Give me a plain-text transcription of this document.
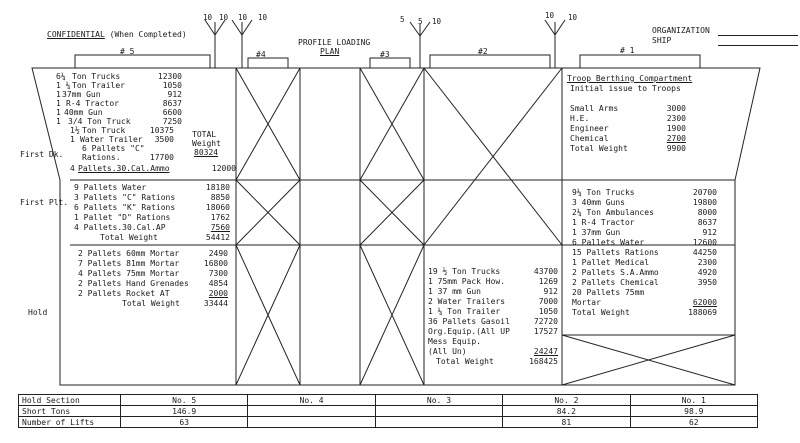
CONFIDENTIAL (When Completed)
PROFILE LOADING
PLAN
ORGANIZATION
SHIP
10 10 10 10	5 5 10
10 10
# 5	#4	#3	#2	# 1
First Dk.
First Plt.
Hold
6¼ Ton Trucks	12300
1 ¼ Ton Trailer	1050
1 37mm Gun	912
1 R-4 Tractor	8637
1 40mm Gun	6600
1 3/4 Ton Truck	7250
1½ Ton Truck	10375
1 Water Trailer 3500
6 Pallets "C"
Rations.	17700
4 Pallets.30.Cal.Ammo	12000
TOTAL
Weight
80324
9 Pallets Water	18180
3 Pallets "C" Rations	8850
6 Pallets "K" Rations	18060
1 Pallet "D" Rations	1762
4 Pallets.30.Cal.AP	7560
Total Weight	54412
2 Pallets 60mm Mortar	2490
7 Pallets 81mm Mortar	16800
4 Pallets 75mm Mortar	7300
2 Pallets Hand Grenades 4854
2 Pallets Rocket AT	2000
Total Weight	33444
19 ½ Ton Trucks	43700
1 75mm Pack How.	1269
1 37 mm Gun	912
2 Water Trailers	7000
1 ¼ Ton Trailer	1050
36 Pallets Gasoil	72720
Org.Equip.(All UP	17527
Mess Equip.
(All Un)	24247
Total Weight	168425
Troop Berthing Compartment
Initial issue to Troops
Small Arms	3000
H.E.	2300
Engineer	1900
Chemical	2700
Total Weight	9900
9¼ Ton Trucks	20700
3 40mm Guns	19800
2¼ Ton Ambulances	8000
1 R-4 Tractor	8637
1 37mm Gun	912
6 Pallets Water	12600
15 Pallets Rations	44250
1 Pallet Medical	2300
2 Pallets S.A.Ammo	4920
2 Pallets Chemical	3950
20 Pallets 75mm
Mortar	62000
Total Weight	188069
Hold Section	No. 5	No. 4	No. 3	No. 2	No. 1
Short Tons	146.9			84.2	98.9
Number of Lifts	63			81	62
